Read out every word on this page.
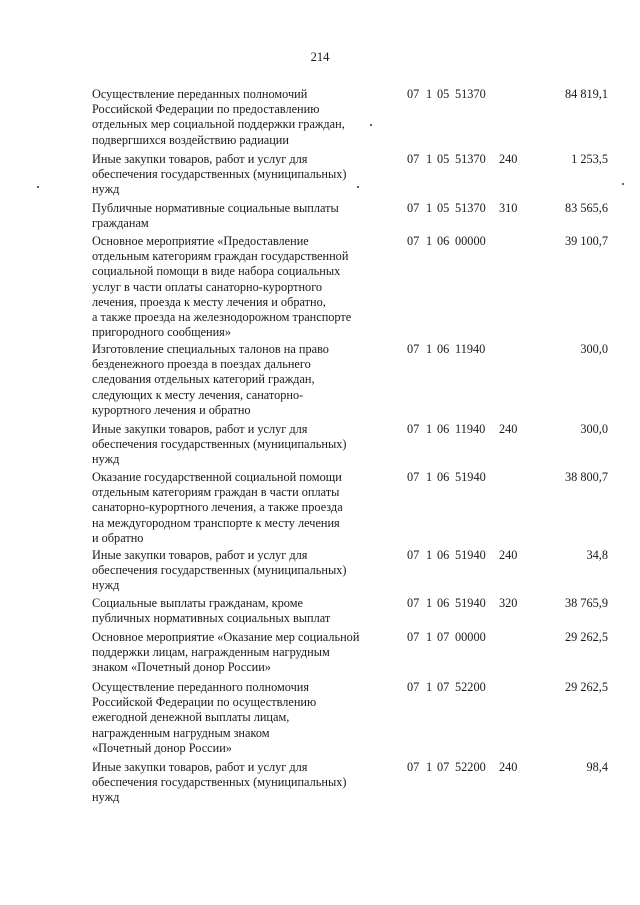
214
Осуществление переданных полномочий
Российской Федерации по предоставлению
отдельных мер социальной поддержки граждан,
подвергшихся воздействию радиации
07 1 05 51370	84 819,1
Иные закупки товаров, работ и услуг для
обеспечения государственных (муниципальных)
нужд
07 1 05 51370 240	1 253,5
Публичные нормативные социальные выплаты
гражданам
07 1 05 51370 310	83 565,6
Основное мероприятие «Предоставление
отдельным категориям граждан государственной
социальной помощи в виде набора социальных
услуг в части оплаты санаторно-курортного
лечения, проезда к месту лечения и обратно,
а также проезда на железнодорожном транспорте
пригородного сообщения»
07 1 06 00000	39 100,7
Изготовление специальных талонов на право
безденежного проезда в поездах дальнего
следования отдельных категорий граждан,
следующих к месту лечения, санаторно-
курортного лечения и обратно
07 1 06 11940	300,0
Иные закупки товаров, работ и услуг для
обеспечения государственных (муниципальных)
нужд
07 1 06 11940 240	300,0
Оказание государственной социальной помощи
отдельным категориям граждан в части оплаты
санаторно-курортного лечения, а также проезда
на междугородном транспорте к месту лечения
и обратно
07 1 06 51940	38 800,7
Иные закупки товаров, работ и услуг для
обеспечения государственных (муниципальных)
нужд
07 1 06 51940 240	34,8
Социальные выплаты гражданам, кроме
публичных нормативных социальных выплат
07 1 06 51940 320	38 765,9
Основное мероприятие «Оказание мер социальной
поддержки лицам, награжденным нагрудным
знаком «Почетный донор России»
07 1 07 00000	29 262,5
Осуществление переданного полномочия
Российской Федерации по осуществлению
ежегодной денежной выплаты лицам,
награжденным нагрудным знаком
«Почетный донор России»
07 1 07 52200	29 262,5
Иные закупки товаров, работ и услуг для
обеспечения государственных (муниципальных)
нужд
07 1 07 52200 240	98,4
